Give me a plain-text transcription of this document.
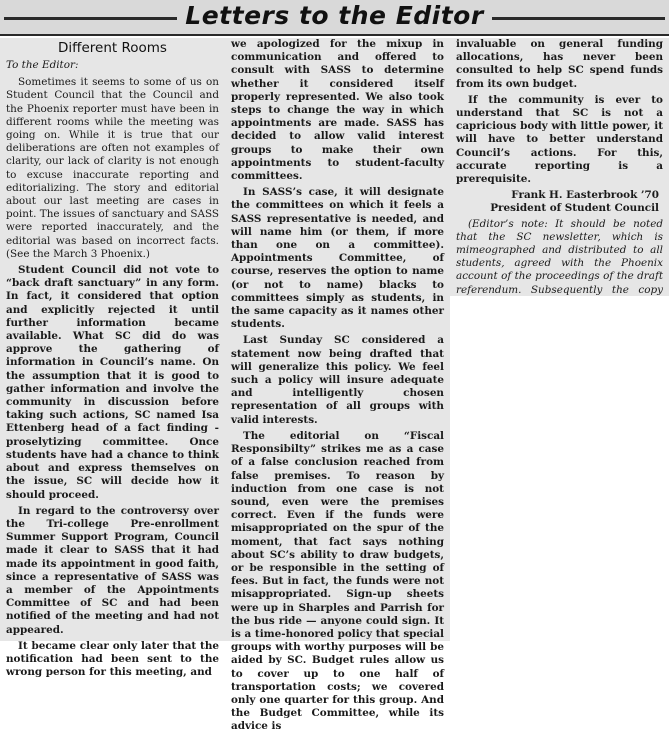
Letters to the Editor
Different Rooms
To the Editor:

Sometimes it seems to some of us on Student Council that the Council and the Phoenix reporter must have been in different rooms while the meeting was going on. While it is true that our deliberations are often not examples of clarity, our lack of clarity is not enough to excuse inaccurate reporting and editorializing. The story and editorial about our last meeting are cases in point. The issues of sanctuary and SASS were reported inaccurately, and the editorial was based on incorrect facts. (See the March 3 Phoenix.)

Student Council did not vote to “back draft sanctuary” in any form. In fact, it considered that option and explicitly rejected it until further information became available. What SC did do was approve the gathering of information in Council’s name. On the assumption that it is good to gather information and involve the community in discussion before taking such actions, SC named Isa Ettenberg head of a fact finding - proselytizing committee. Once students have had a chance to think about and express themselves on the issue, SC will decide how it should proceed.

In regard to the controversy over the Tri-college Pre-enrollment Summer Support Program, Council made it clear to SASS that it had made its appointment in good faith, since a representative of SASS was a member of the Appointments Committee of SC and had been notified of the meeting and had not appeared.

It became clear only later that the notification had been sent to the wrong person for this meeting, and

we apologized for the mixup in communication and offered to consult with SASS to determine whether it considered itself properly represented. We also took steps to change the way in which appointments are made. SASS has decided to allow valid interest groups to make their own appointments to student-faculty committees.

In SASS’s case, it will designate the committees on which it feels a SASS representative is needed, and will name him (or them, if more than one on a committee). Appointments Committee, of course, reserves the option to name (or not to name) blacks to committees simply as students, in the same capacity as it names other students.

Last Sunday SC considered a statement now being drafted that will generalize this policy. We feel such a policy will insure adequate and intelligently chosen representation of all groups with valid interests.

The editorial on “Fiscal Responsibilty” strikes me as a case of a false conclusion reached from false premises. To reason by induction from one case is not sound, even were the premises correct. Even if the funds were misappropriated on the spur of the moment, that fact says nothing about SC’s ability to draw budgets, or be responsible in the setting of fees. But in fact, the funds were not misappropriated. Sign-up sheets were up in Sharples and Parrish for the bus ride — anyone could sign. It is a time-honored policy that special groups with worthy purposes will be aided by SC. Budget rules allow us to cover up to one half of transportation costs; we covered only one quarter for this group. And the Budget Committee, while its advice is

invaluable on general funding allocations, has never been consulted to help SC spend funds from its own budget.

If the community is ever to understand that SC is not a capricious body with little power, it will have to better understand Council’s actions. For this, accurate reporting is a prerequisite.

Frank H. Easterbrook ’70

President of Student Council

(Editor’s note: It should be noted that the SC newsletter, which is mimeographed and distributed to all students, agreed with the Phoenix account of the proceedings of the draft referendum. Subsequently the copy
